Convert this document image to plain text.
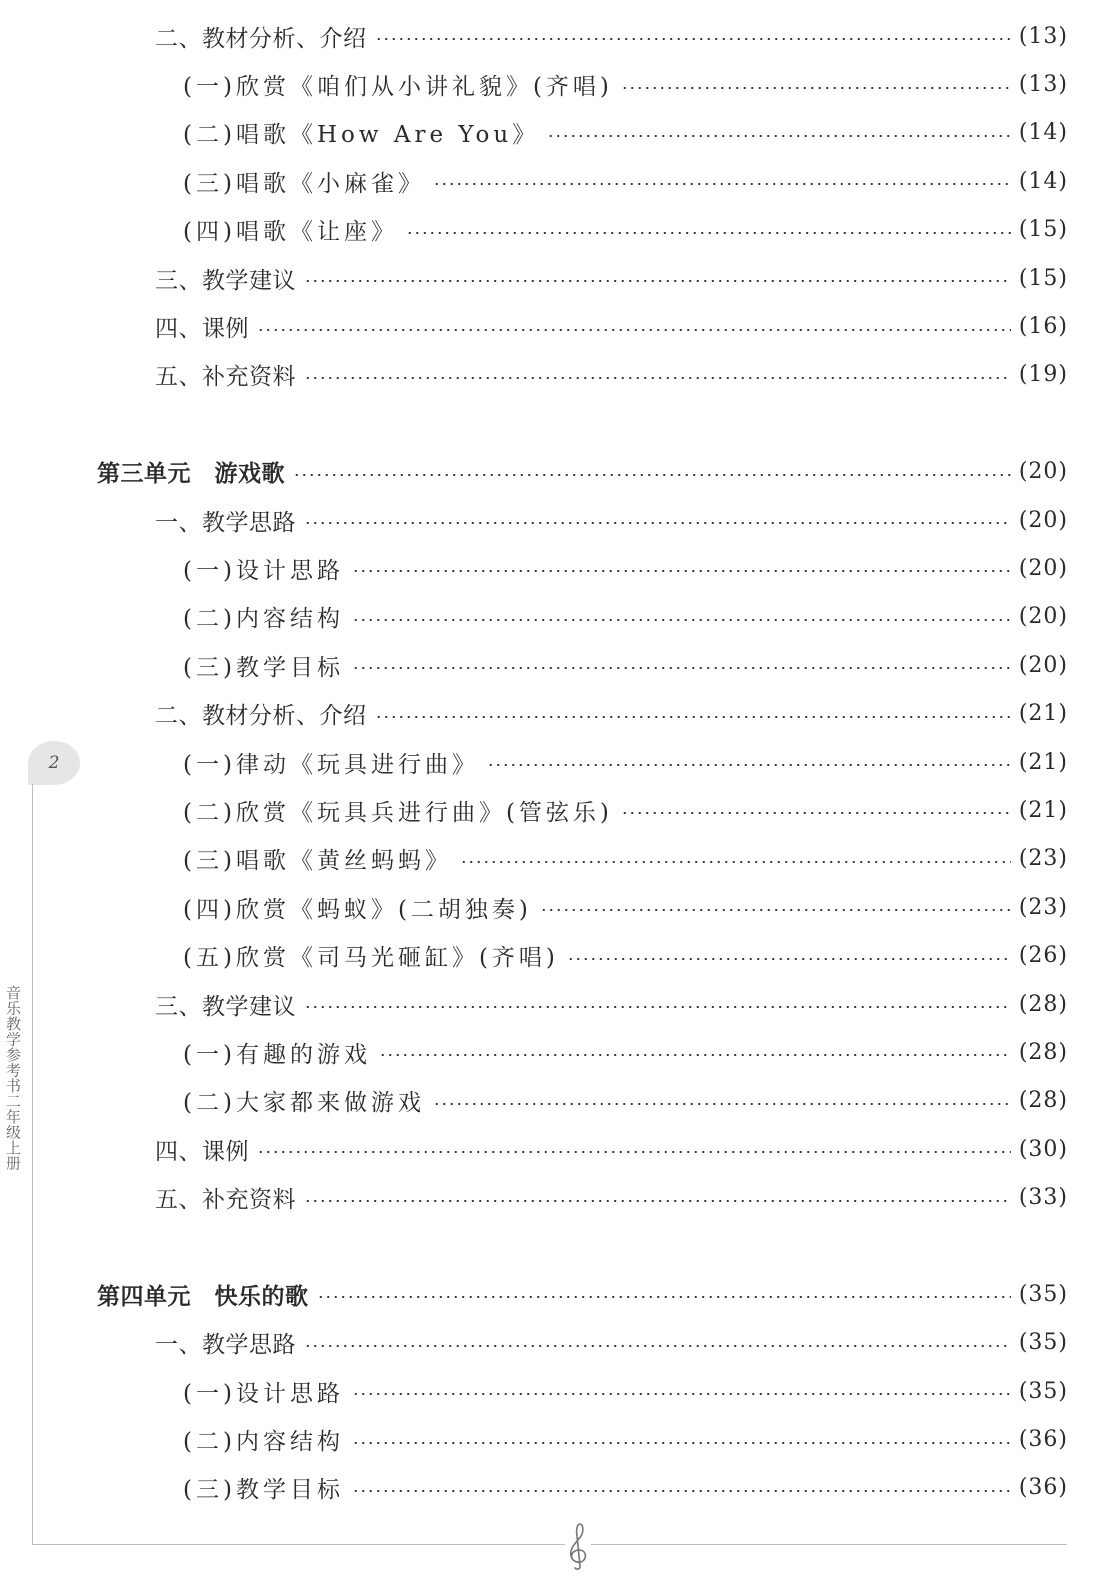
二、教材分析、介绍	(13)
(一)欣赏《咱们从小讲礼貌》(齐唱)	(13)
(二)唱歌《How Are You》	(14)
(三)唱歌《小麻雀》	(14)
(四)唱歌《让座》	(15)
三、教学建议	(15)
四、课例	(16)
五、补充资料	(19)
第三单元　游戏歌	(20)
一、教学思路	(20)
(一)设计思路	(20)
(二)内容结构	(20)
(三)教学目标	(20)
二、教材分析、介绍	(21)
(一)律动《玩具进行曲》	(21)
(二)欣赏《玩具兵进行曲》(管弦乐)	(21)
(三)唱歌《黄丝蚂蚂》	(23)
(四)欣赏《蚂蚁》(二胡独奏)	(23)
(五)欣赏《司马光砸缸》(齐唱)	(26)
三、教学建议	(28)
(一)有趣的游戏	(28)
(二)大家都来做游戏	(28)
四、课例	(30)
五、补充资料	(33)
第四单元　快乐的歌	(35)
一、教学思路	(35)
(一)设计思路	(35)
(二)内容结构	(36)
(三)教学目标	(36)
2
音乐教学参考书二年级上册
